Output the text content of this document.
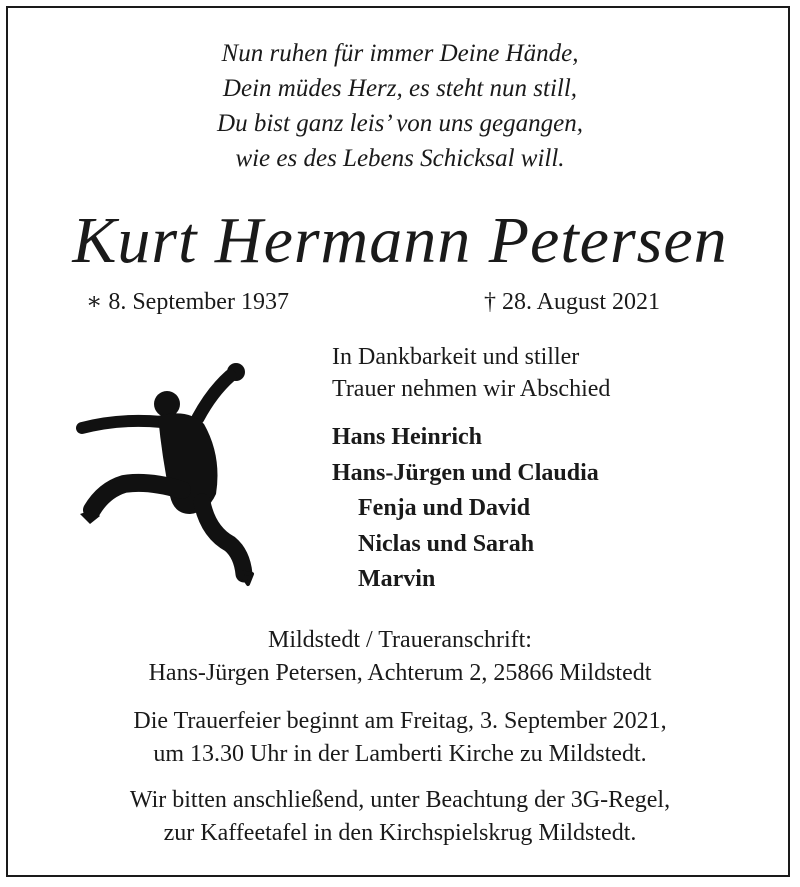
Nun ruhen für immer Deine Hände,
Dein müdes Herz, es steht nun still,
Du bist ganz leis’ von uns gegangen,
wie es des Lebens Schicksal will.
Kurt Hermann Petersen
∗ 8. September 1937	† 28. August 2021
In Dankbarkeit und stiller
Trauer nehmen wir Abschied
Hans Heinrich
Hans-Jürgen und Claudia
Fenja und David
Niclas und Sarah
Marvin
Mildstedt / Traueranschrift:
Hans-Jürgen Petersen, Achterum 2, 25866 Mildstedt
Die Trauerfeier beginnt am Freitag, 3. September 2021,
um 13.30 Uhr in der Lamberti Kirche zu Mildstedt.
Wir bitten anschließend, unter Beachtung der 3G-Regel,
zur Kaffeetafel in den Kirchspielskrug Mildstedt.
